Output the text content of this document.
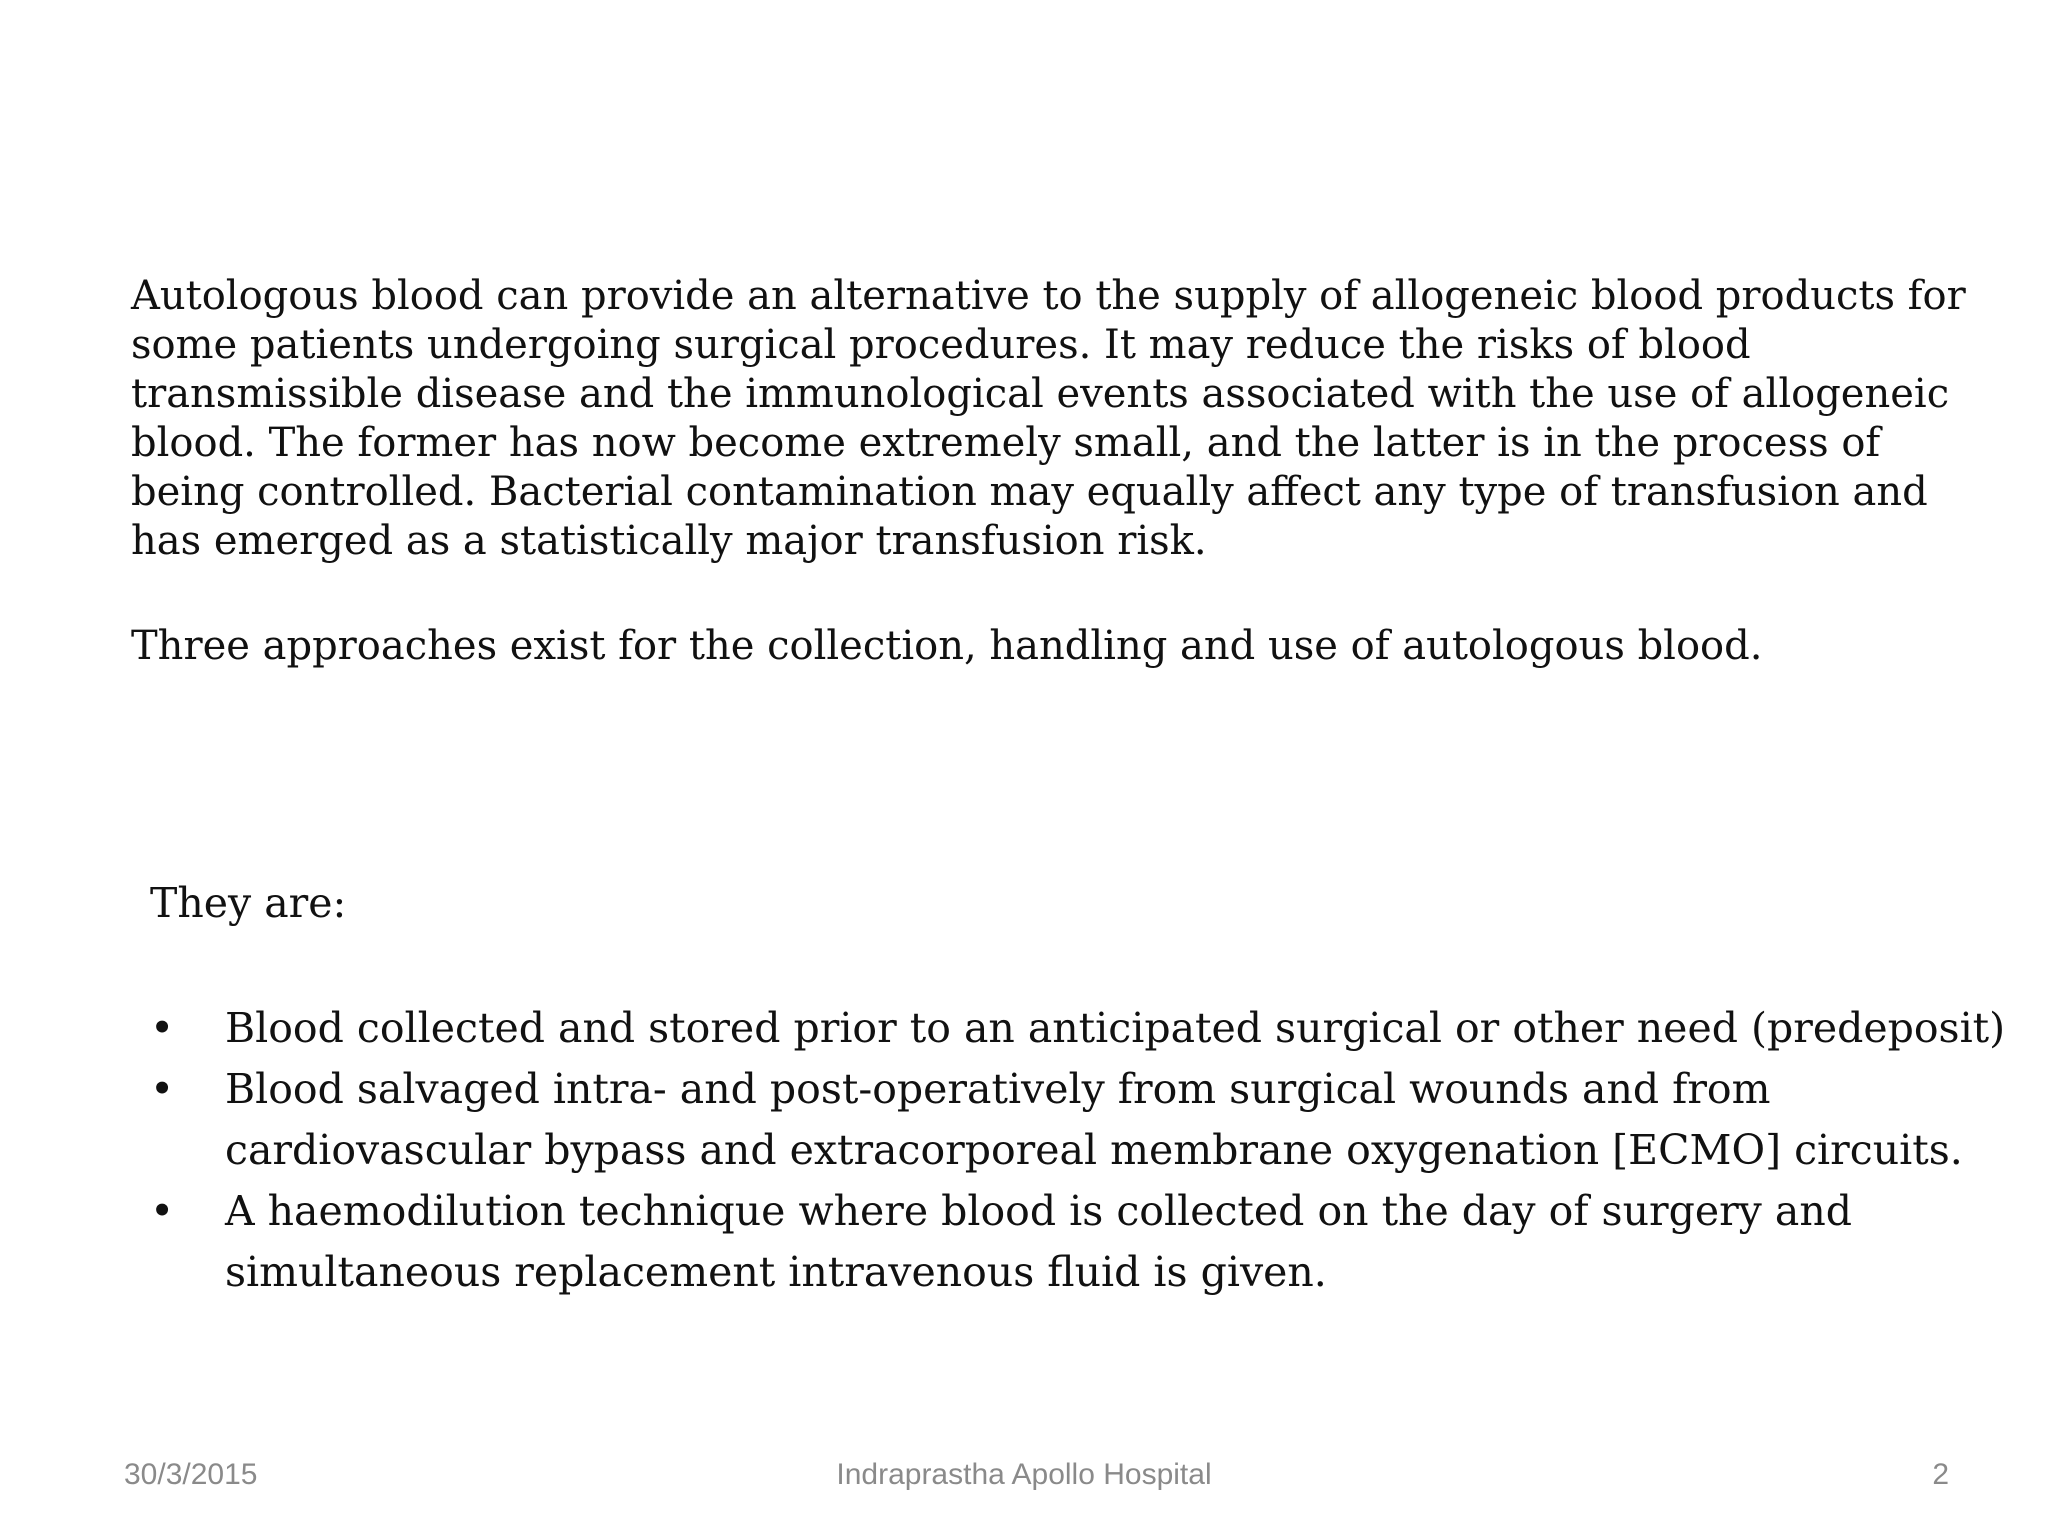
Autologous blood can provide an alternative to the supply of allogeneic blood products for
some patients undergoing surgical procedures. It may reduce the risks of blood
transmissible disease and the immunological events associated with the use of allogeneic
blood. The former has now become extremely small, and the latter is in the process of
being controlled. Bacterial contamination may equally affect any type of transfusion and
has emerged as a statistically major transfusion risk.
Three approaches exist for the collection, handling and use of autologous blood.
They are:
• Blood collected and stored prior to an anticipated surgical or other need (predeposit)
• Blood salvaged intra- and post-operatively from surgical wounds and from
cardiovascular bypass and extracorporeal membrane oxygenation [ECMO] circuits.
• A haemodilution technique where blood is collected on the day of surgery and
simultaneous replacement intravenous fluid is given.
30/3/2015	Indraprastha Apollo Hospital	2
